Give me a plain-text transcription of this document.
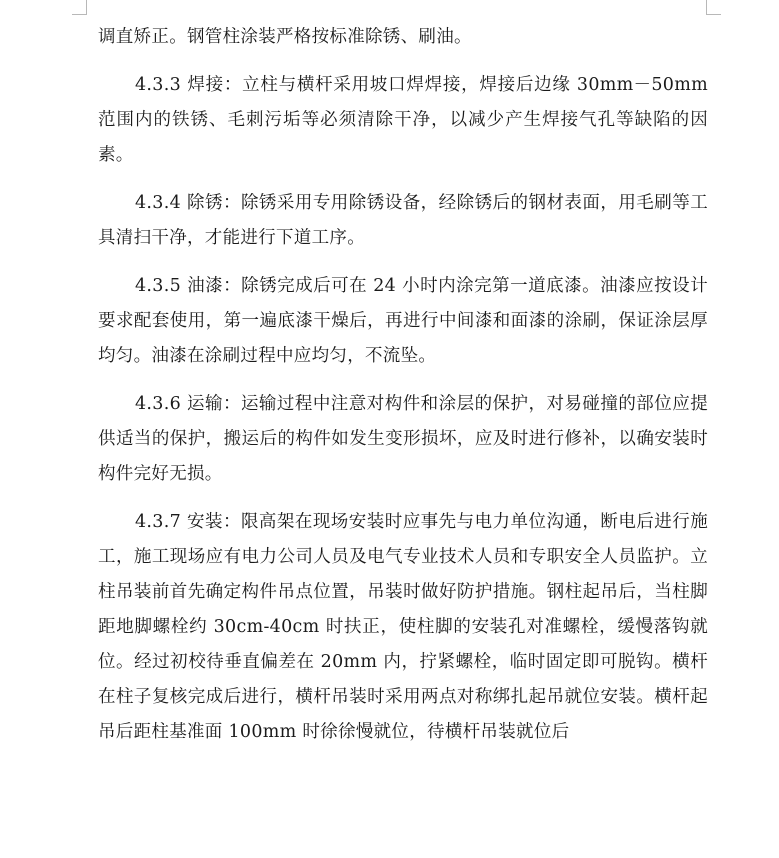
调直矫正。钢管柱涂装严格按标准除锈、刷油。

4.3.3 焊接：立柱与横杆采用坡口焊焊接，焊接后边缘 30mm－50mm 范围内的铁锈、毛刺污垢等必须清除干净，以减少产生焊接气孔等缺陷的因素。

4.3.4 除锈：除锈采用专用除锈设备，经除锈后的钢材表面，用毛刷等工具清扫干净，才能进行下道工序。

4.3.5 油漆：除锈完成后可在 24 小时内涂完第一道底漆。油漆应按设计要求配套使用，第一遍底漆干燥后，再进行中间漆和面漆的涂刷，保证涂层厚均匀。油漆在涂刷过程中应均匀，不流坠。

4.3.6 运输：运输过程中注意对构件和涂层的保护，对易碰撞的部位应提供适当的保护，搬运后的构件如发生变形损坏，应及时进行修补，以确安装时构件完好无损。

4.3.7 安装：限高架在现场安装时应事先与电力单位沟通，断电后进行施工，施工现场应有电力公司人员及电气专业技术人员和专职安全人员监护。立柱吊装前首先确定构件吊点位置，吊装时做好防护措施。钢柱起吊后，当柱脚距地脚螺栓约 30cm-40cm 时扶正，使柱脚的安装孔对准螺栓，缓慢落钩就位。经过初校待垂直偏差在 20mm 内，拧紧螺栓，临时固定即可脱钩。横杆在柱子复核完成后进行，横杆吊装时采用两点对称绑扎起吊就位安装。横杆起吊后距柱基准面 100mm 时徐徐慢就位，待横杆吊装就位后
